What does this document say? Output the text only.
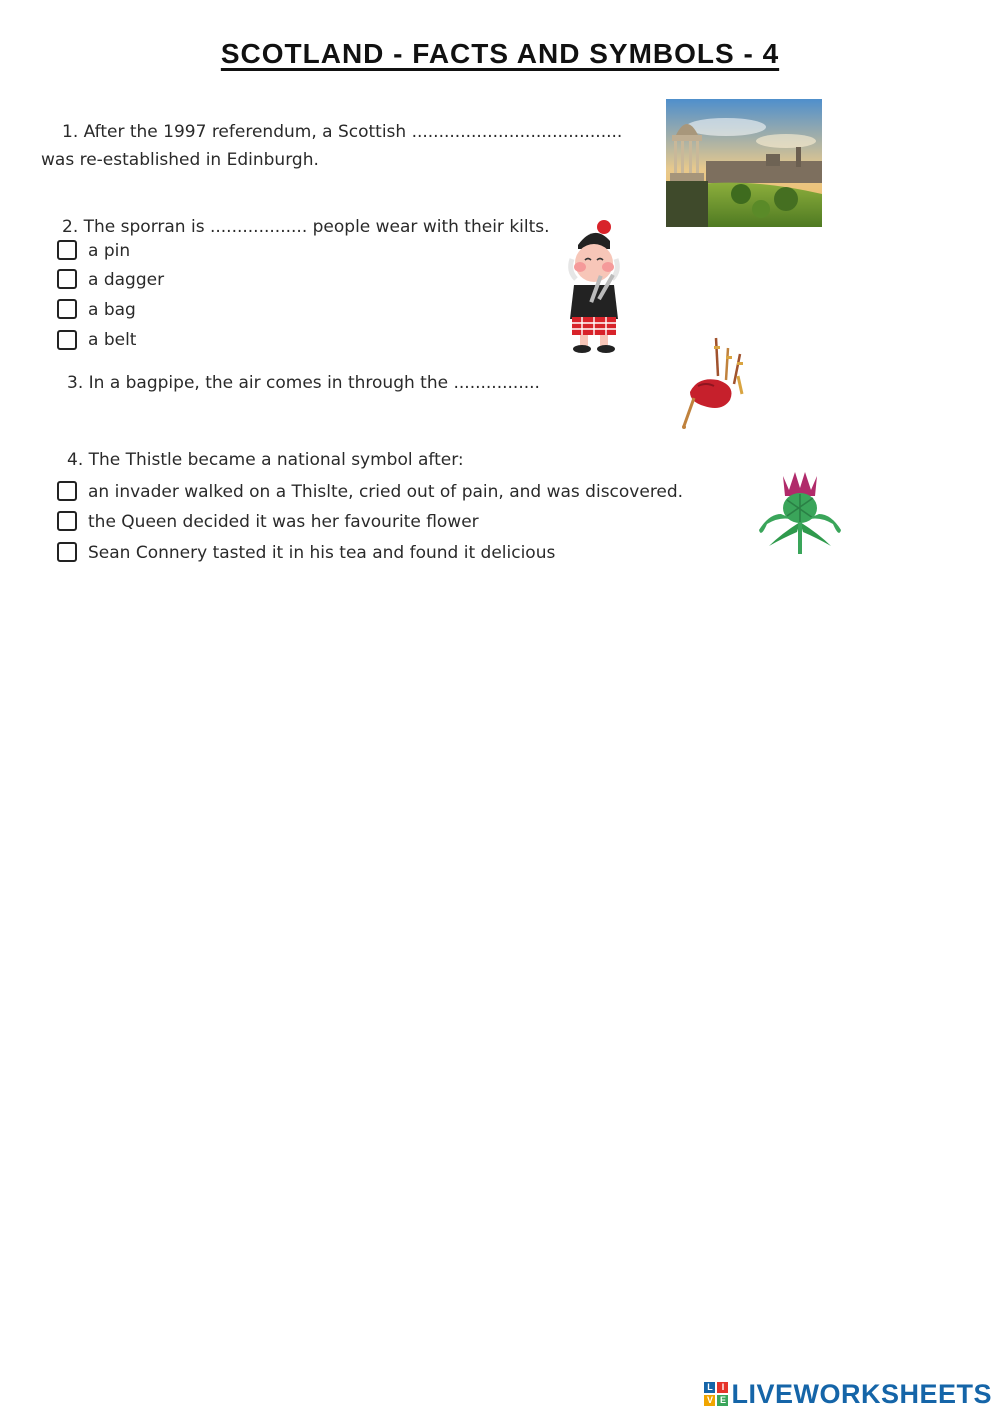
SCOTLAND - FACTS AND SYMBOLS - 4
1. After the 1997 referendum, a Scottish .......................................
was re-established in Edinburgh.
2. The sporran is .................. people wear with their kilts.
a pin
a dagger
a bag
a belt
3. In a bagpipe, the air comes in through the ................
4. The Thistle became a national symbol after:
an invader walked on a Thislte, cried out of pain, and was discovered.
the Queen decided it was her favourite flower
Sean Connery tasted it in his tea and found it delicious
L I
V E LIVEWORKSHEETS
